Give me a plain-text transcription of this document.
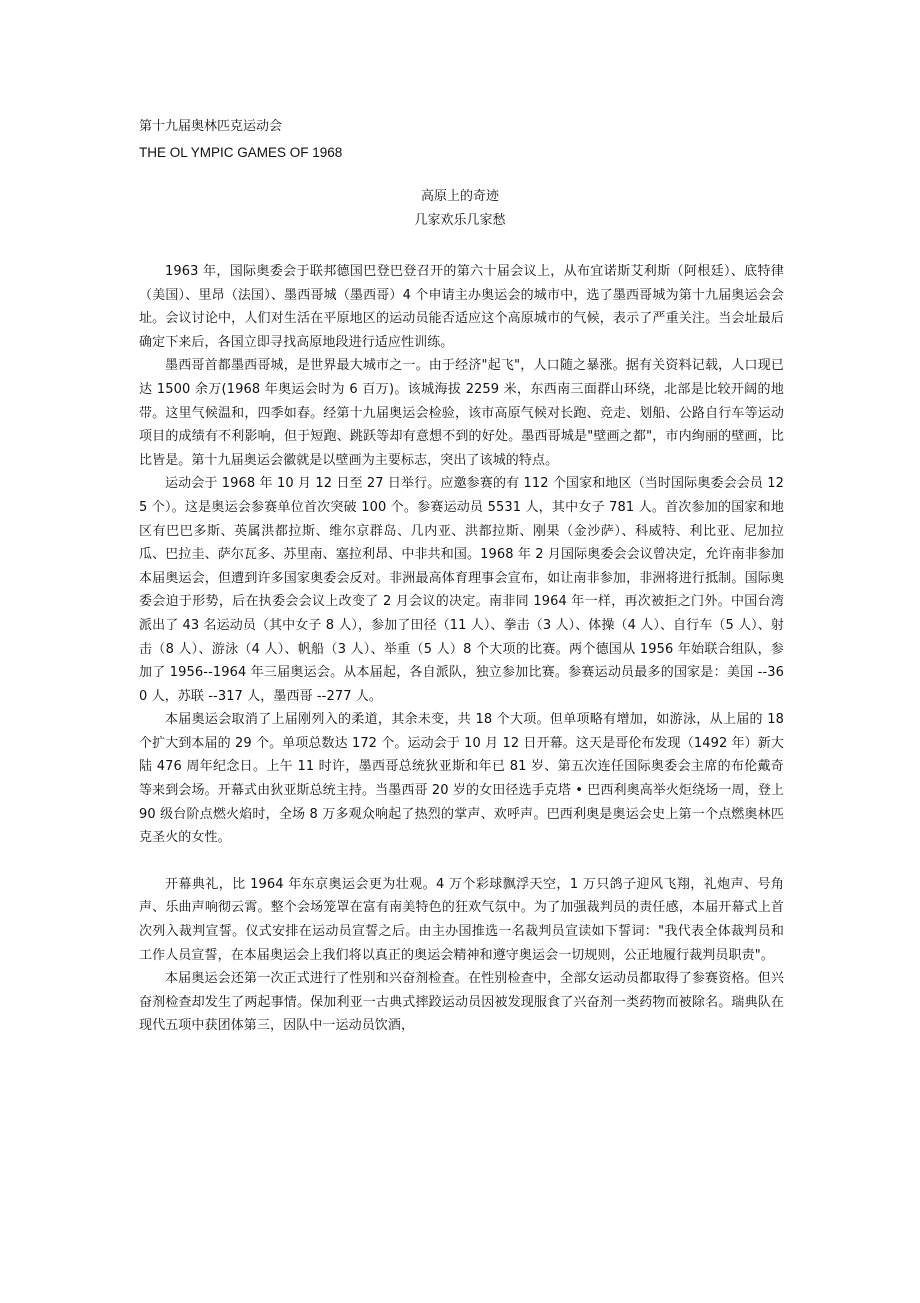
第十九届奥林匹克运动会
THE OL YMPIC GAMES OF 1968
高原上的奇迹
几家欢乐几家愁

1963 年，国际奥委会于联邦德国巴登巴登召开的第六十届会议上，从布宜诺斯艾利斯（阿根廷）、底特律（美国）、里昂（法国）、墨西哥城（墨西哥）4 个申请主办奥运会的城市中，选了墨西哥城为第十九届奥运会会址。会议讨论中，人们对生活在平原地区的运动员能否适应这个高原城市的气候，表示了严重关注。当会址最后确定下来后，各国立即寻找高原地段进行适应性训练。

墨西哥首都墨西哥城，是世界最大城市之一。由于经济"起飞"，人口随之暴涨。据有关资料记载，人口现已达 1500 余万(1968 年奥运会时为 6 百万)。该城海拔 2259 米，东西南三面群山环绕，北部是比较开阔的地带。这里气候温和，四季如春。经第十九届奥运会检验，该市高原气候对长跑、竞走、划船、公路自行车等运动项目的成绩有不利影响，但于短跑、跳跃等却有意想不到的好处。墨西哥城是"壁画之都"，市内绚丽的壁画，比比皆是。第十九届奥运会徽就是以壁画为主要标志，突出了该城的特点。

运动会于 1968 年 10 月 12 日至 27 日举行。应邀参赛的有 112 个国家和地区（当时国际奥委会会员 125 个）。这是奥运会参赛单位首次突破 100 个。参赛运动员 5531 人，其中女子 781 人。首次参加的国家和地区有巴巴多斯、英属洪都拉斯、维尔京群岛、几内亚、洪都拉斯、刚果（金沙萨）、科威特、利比亚、尼加拉瓜、巴拉圭、萨尔瓦多、苏里南、塞拉利昂、中非共和国。1968 年 2 月国际奥委会会议曾决定，允许南非参加本届奥运会，但遭到许多国家奥委会反对。非洲最高体育理事会宣布，如让南非参加，非洲将进行抵制。国际奥委会迫于形势，后在执委会会议上改变了 2 月会议的决定。南非同 1964 年一样，再次被拒之门外。中国台湾派出了 43 名运动员（其中女子 8 人），参加了田径（11 人）、拳击（3 人）、体操（4 人）、自行车（5 人）、射击（8 人）、游泳（4 人）、帆船（3 人）、举重（5 人）8 个大项的比赛。两个德国从 1956 年始联合组队，参加了 1956--1964 年三届奥运会。从本届起，各自派队，独立参加比赛。参赛运动员最多的国家是：美国 --360 人，苏联 --317 人，墨西哥 --277 人。

本届奥运会取消了上届刚列入的柔道，其余未变，共 18 个大项。但单项略有增加，如游泳，从上届的 18 个扩大到本届的 29 个。单项总数达 172 个。运动会于 10 月 12 日开幕。这天是哥伦布发现（1492 年）新大陆 476 周年纪念日。上午 11 时许，墨西哥总统狄亚斯和年已 81 岁、第五次连任国际奥委会主席的布伦戴奇等来到会场。开幕式由狄亚斯总统主持。当墨西哥 20 岁的女田径选手克塔 • 巴西利奥高举火炬绕场一周，登上 90 级台阶点燃火焰时，全场 8 万多观众响起了热烈的掌声、欢呼声。巴西利奥是奥运会史上第一个点燃奥林匹克圣火的女性。

开幕典礼，比 1964 年东京奥运会更为壮观。4 万个彩球飘浮天空，1 万只鸽子迎风飞翔，礼炮声、号角声、乐曲声响彻云霄。整个会场笼罩在富有南美特色的狂欢气氛中。为了加强裁判员的责任感，本届开幕式上首次列入裁判宣誓。仪式安排在运动员宣誓之后。由主办国推选一名裁判员宣读如下誓词："我代表全体裁判员和工作人员宣誓，在本届奥运会上我们将以真正的奥运会精神和遵守奥运会一切规则，公正地履行裁判员职责"。

本届奥运会还第一次正式进行了性别和兴奋剂检查。在性别检查中，全部女运动员都取得了参赛资格。但兴奋剂检查却发生了两起事情。保加利亚一古典式摔跤运动员因被发现服食了兴奋剂一类药物而被除名。瑞典队在现代五项中获团体第三，因队中一运动员饮酒，
